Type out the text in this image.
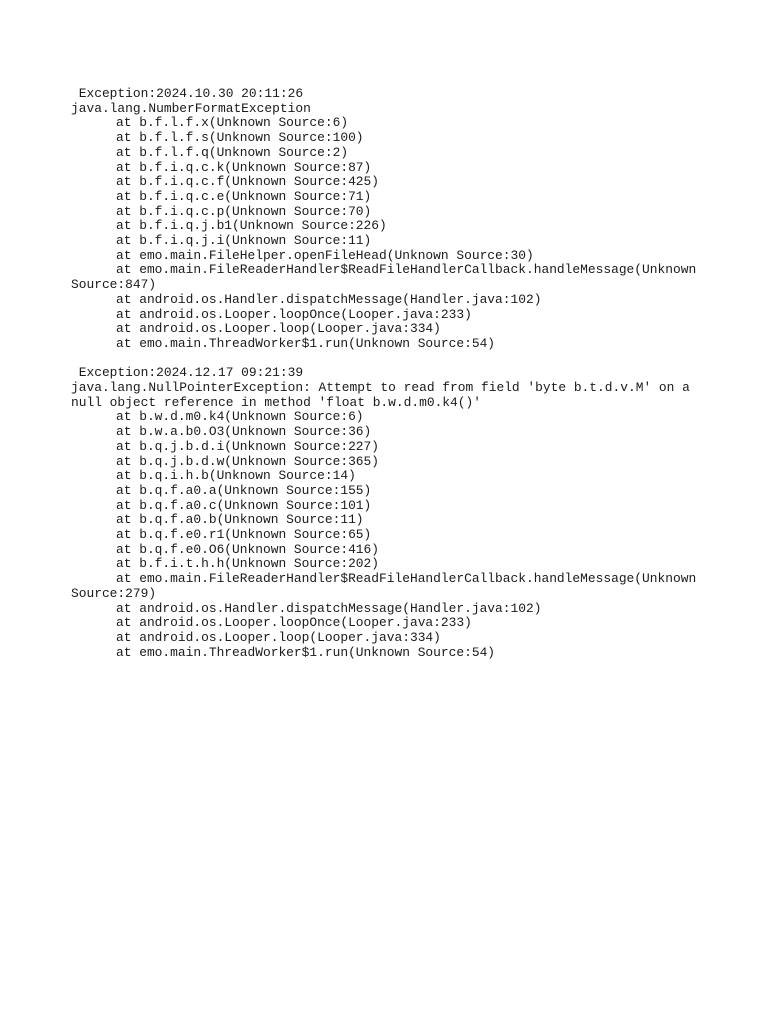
Exception:2024.10.30 20:11:26
java.lang.NumberFormatException
at b.f.l.f.x(Unknown Source:6)
at b.f.l.f.s(Unknown Source:100)
at b.f.l.f.q(Unknown Source:2)
at b.f.i.q.c.k(Unknown Source:87)
at b.f.i.q.c.f(Unknown Source:425)
at b.f.i.q.c.e(Unknown Source:71)
at b.f.i.q.c.p(Unknown Source:70)
at b.f.i.q.j.b1(Unknown Source:226)
at b.f.i.q.j.i(Unknown Source:11)
at emo.main.FileHelper.openFileHead(Unknown Source:30)
at emo.main.FileReaderHandler$ReadFileHandlerCallback.handleMessage(Unknown Source:847)
at android.os.Handler.dispatchMessage(Handler.java:102)
at android.os.Looper.loopOnce(Looper.java:233)
at android.os.Looper.loop(Looper.java:334)
at emo.main.ThreadWorker$1.run(Unknown Source:54)
Exception:2024.12.17 09:21:39
java.lang.NullPointerException: Attempt to read from field 'byte b.t.d.v.M' on a null object reference in method 'float b.w.d.m0.k4()'
at b.w.d.m0.k4(Unknown Source:6)
at b.w.a.b0.O3(Unknown Source:36)
at b.q.j.b.d.i(Unknown Source:227)
at b.q.j.b.d.w(Unknown Source:365)
at b.q.i.h.b(Unknown Source:14)
at b.q.f.a0.a(Unknown Source:155)
at b.q.f.a0.c(Unknown Source:101)
at b.q.f.a0.b(Unknown Source:11)
at b.q.f.e0.r1(Unknown Source:65)
at b.q.f.e0.O6(Unknown Source:416)
at b.f.i.t.h.h(Unknown Source:202)
at emo.main.FileReaderHandler$ReadFileHandlerCallback.handleMessage(Unknown Source:279)
at android.os.Handler.dispatchMessage(Handler.java:102)
at android.os.Looper.loopOnce(Looper.java:233)
at android.os.Looper.loop(Looper.java:334)
at emo.main.ThreadWorker$1.run(Unknown Source:54)
